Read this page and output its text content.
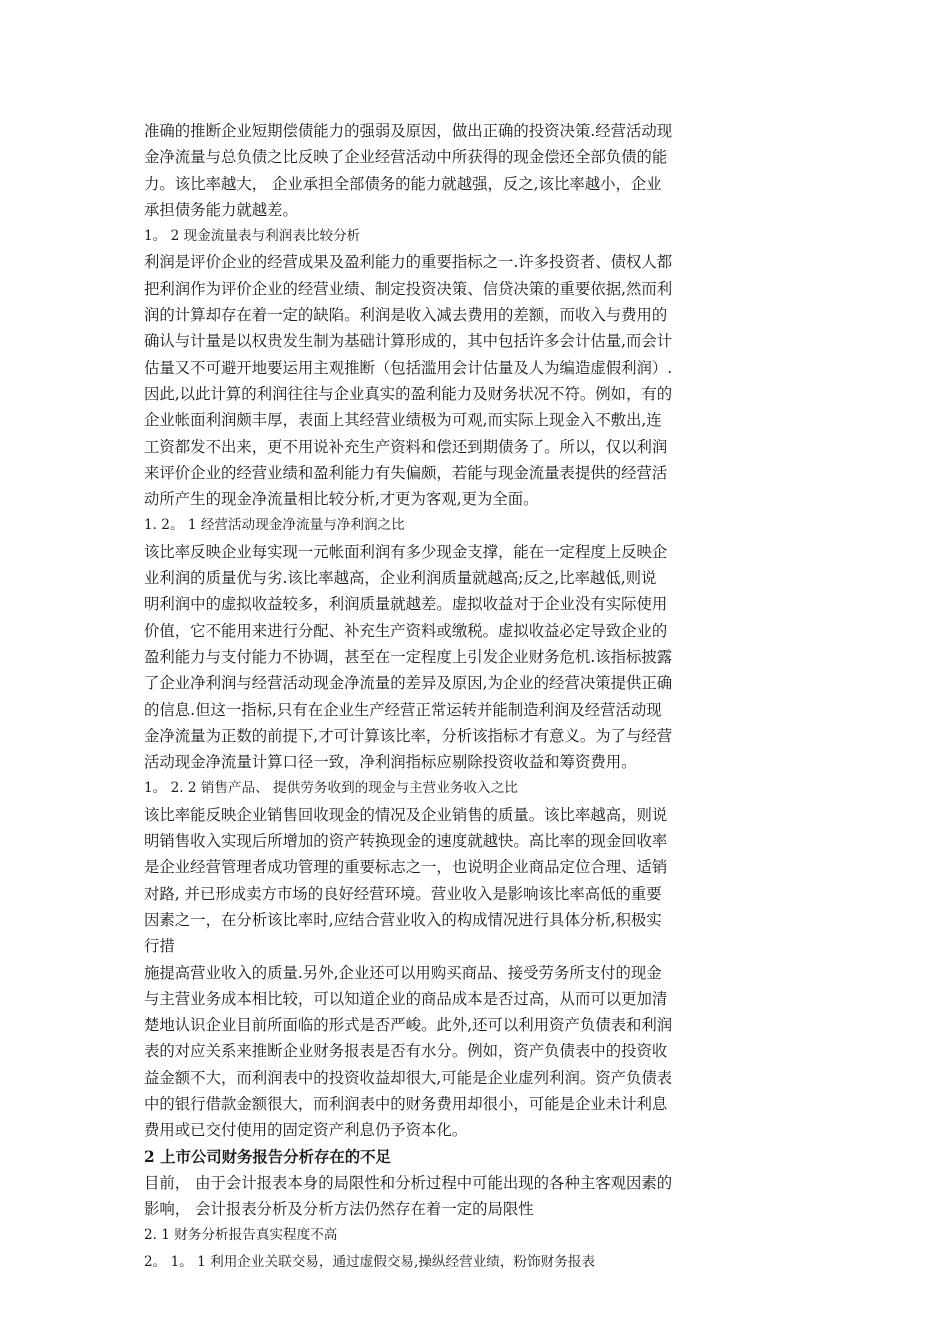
准确的推断企业短期偿债能力的强弱及原因，做出正确的投资决策.经营活动现

金净流量与总负债之比反映了企业经营活动中所获得的现金偿还全部负债的能

力。该比率越大， 企业承担全部债务的能力就越强，反之,该比率越小，企业

承担债务能力就越差。

1。 2 现金流量表与利润表比较分析

利润是评价企业的经营成果及盈利能力的重要指标之一.许多投资者、债权人都

把利润作为评价企业的经营业绩、制定投资决策、信贷决策的重要依据,然而利

润的计算却存在着一定的缺陷。利润是收入减去费用的差额，而收入与费用的

确认与计量是以权贵发生制为基础计算形成的，其中包括许多会计估量,而会计

估量又不可避开地要运用主观推断（包括滥用会计估量及人为编造虚假利润）.

因此,以此计算的利润往往与企业真实的盈利能力及财务状况不符。例如，有的

企业帐面利润颇丰厚，表面上其经营业绩极为可观,而实际上现金入不敷出,连

工资都发不出来，更不用说补充生产资料和偿还到期债务了。所以，仅以利润

来评价企业的经营业绩和盈利能力有失偏颇，若能与现金流量表提供的经营活

动所产生的现金净流量相比较分析,才更为客观,更为全面。

1. 2。 1 经营活动现金净流量与净利润之比

该比率反映企业每实现一元帐面利润有多少现金支撑，能在一定程度上反映企

业利润的质量优与劣.该比率越高，企业利润质量就越高;反之,比率越低,则说

明利润中的虚拟收益较多，利润质量就越差。虚拟收益对于企业没有实际使用

价值，它不能用来进行分配、补充生产资料或缴税。虚拟收益必定导致企业的

盈利能力与支付能力不协调，甚至在一定程度上引发企业财务危机.该指标披露

了企业净利润与经营活动现金净流量的差异及原因,为企业的经营决策提供正确

的信息.但这一指标,只有在企业生产经营正常运转并能制造利润及经营活动现

金净流量为正数的前提下,才可计算该比率，分析该指标才有意义。为了与经营

活动现金净流量计算口径一致，净利润指标应剔除投资收益和筹资费用。

1。 2. 2 销售产品、 提供劳务收到的现金与主营业务收入之比

该比率能反映企业销售回收现金的情况及企业销售的质量。该比率越高，则说

明销售收入实现后所增加的资产转换现金的速度就越快。高比率的现金回收率

是企业经营管理者成功管理的重要标志之一，也说明企业商品定位合理、适销

对路, 并已形成卖方市场的良好经营环境。营业收入是影响该比率高低的重要

因素之一，在分析该比率时,应结合营业收入的构成情况进行具体分析,积极实

行措

施提高营业收入的质量.另外,企业还可以用购买商品、接受劳务所支付的现金

与主营业务成本相比较，可以知道企业的商品成本是否过高，从而可以更加清

楚地认识企业目前所面临的形式是否严峻。此外,还可以利用资产负债表和利润

表的对应关系来推断企业财务报表是否有水分。例如，资产负债表中的投资收

益金额不大，而利润表中的投资收益却很大,可能是企业虚列利润。资产负债表

中的银行借款金额很大，而利润表中的财务费用却很小，可能是企业未计利息

费用或已交付使用的固定资产利息仍予资本化。

2 上市公司财务报告分析存在的不足

目前， 由于会计报表本身的局限性和分析过程中可能出现的各种主客观因素的

影响， 会计报表分析及分析方法仍然存在着一定的局限性

2. 1 财务分析报告真实程度不高

2。 1。 1 利用企业关联交易，通过虚假交易,操纵经营业绩，粉饰财务报表
